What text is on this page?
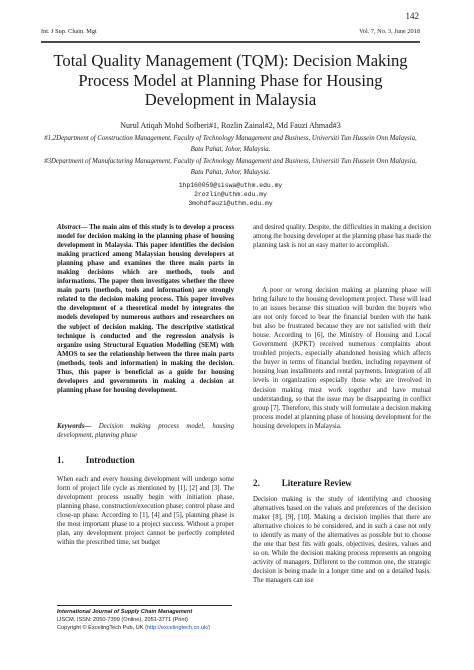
142
Int. J Sup. Chain. Mgt	Vol. 7, No. 3, June 2018
Total Quality Management (TQM): Decision Making Process Model at Planning Phase for Housing Development in Malaysia
Nurul Atiqah Mohd Sofberi#1, Rozlin Zainal#2, Md Fauzi Ahmad#3
#1,2Department of Construction Management, Faculty of Technology Management and Business, Universiti Tun Hussein Onn Malaysia, Batu Pahat, Johor, Malaysia.
#3Department of Manufacturing Management, Faculty of Technology Management and Business, Universiti Tun Hussein Onn Malaysia, Batu Pahat, Johor, Malaysia.
1hp160059@siswa@uthm.edu.my
2rozlin@uthm.edu.my
3mohdfauzi@uthm.edu.my
Abstract— The main aim of this study is to develop a process model for decision making in the planning phase of housing development in Malaysia. This paper identifies the decision making practiced among Malaysian housing developers at planning phase and examines the three main parts in making decisions which are methods, tools and informations. The paper then investigates whether the three main parts (methods, tools and information) are strongly related to the decision making process. This paper involves the development of a theoretical model by integrates the models developed by numerous authors and researchers on the subject of decision making. The descriptive statistical technique is conducted and the regression analysis is organize using Structural Equation Modelling (SEM) with AMOS to see the relationship between the three main parts (methods, tools and information) in making the decision. Thus, this paper is beneficial as a guide for housing developers and governments in making a decision at planning phase for housing development.
Keywords— Decision making process model, housing development, planning phase
1. Introduction
When each and every housing development will undergo some form of project life cycle as mentioned by [1], [2] and [3]. The development process usually begin with initiation phase, planning phase, construction/execution phase; control phase and close-up phase. According to [1], [4] and [5], planning phase is the most important phase to a project success. Without a proper plan, any development project cannot be perfectly completed within the prescribed time, set budget
and desired quality. Despite, the difficulties in making a decision among the housing developer at the planning phase has made the planning task is not an easy matter to accomplish.
A poor or wrong decision making at planning phase will bring failure to the housing development project. These will lead to an issues because this situation will burden the buyers who are not only forced to bear the financial burden with the bank but also be frustrated because they are not satisfied with their house. According to [6], the Ministry of Housing and Local Government (KPKT) received numerous complaints about troubled projects, especially abandoned housing which affects the buyer in terms of financial burden, including repayment of housing loan installments and rental payments. Integration of all levels in organization especially those who are involved in decision making must work together and have mutual understanding, so that the issue may be disappearing in conflict group [7]. Therefore, this study will formulate a decision making process model at planning phase of housing development for the housing developers in Malaysia.
2. Literature Review
Decision making is the study of identifying and choosing alternatives based on the values and preferences of the decision maker [8], [9], [10]. Making a decision implies that there are alternative choices to be considered, and in such a case not only to identify as many of the alternatives as possible but to choose the one that best fits with goals, objectives, desires, values and so on. While the decision making process represents an ongoing activity of managers. Different to the common one, the strategic decision is being made in a longer time and on a detailed basis. The managers can use
International Journal of Supply Chain Management
IJSCM, ISSN: 2050-7399 (Online), 2051-3771 (Print)
Copyright © ExcelingTech Pub, UK (http://excelingtech.co.uk/)
